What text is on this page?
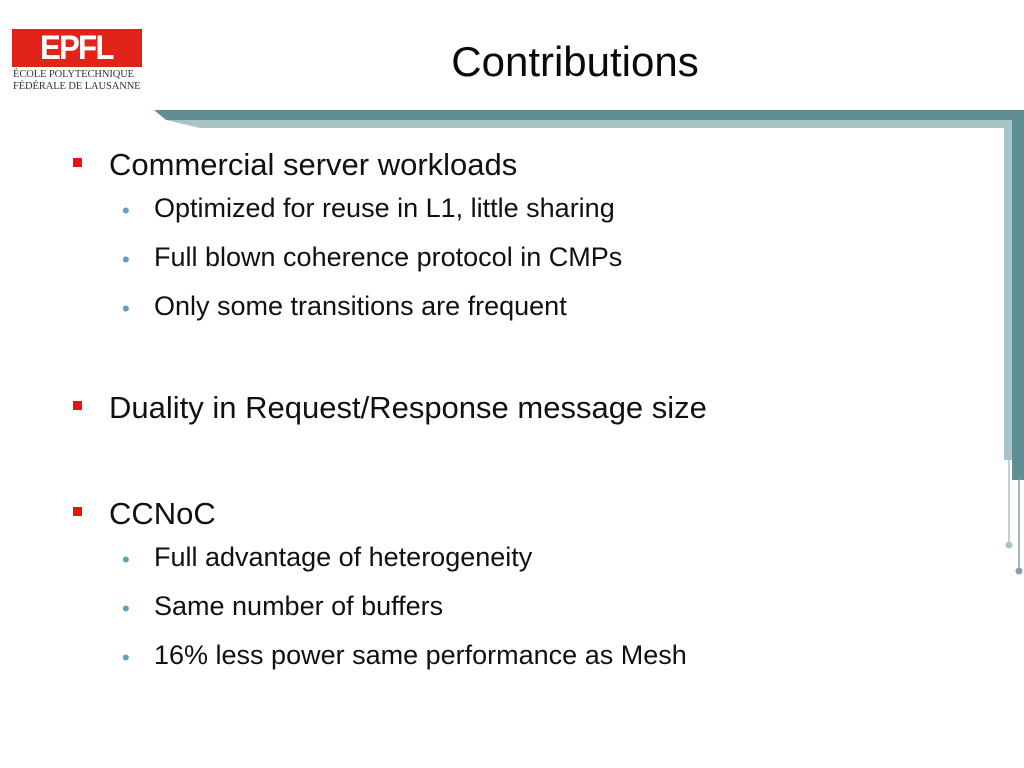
EPFL
ÉCOLE POLYTECHNIQUE
FÉDÉRALE DE LAUSANNE
Contributions
Commercial server workloads
• Optimized for reuse in L1, little sharing
• Full blown coherence protocol in CMPs
• Only some transitions are frequent
Duality in Request/Response message size
CCNoC
• Full advantage of heterogeneity
• Same number of buffers
• 16% less power same performance as Mesh
